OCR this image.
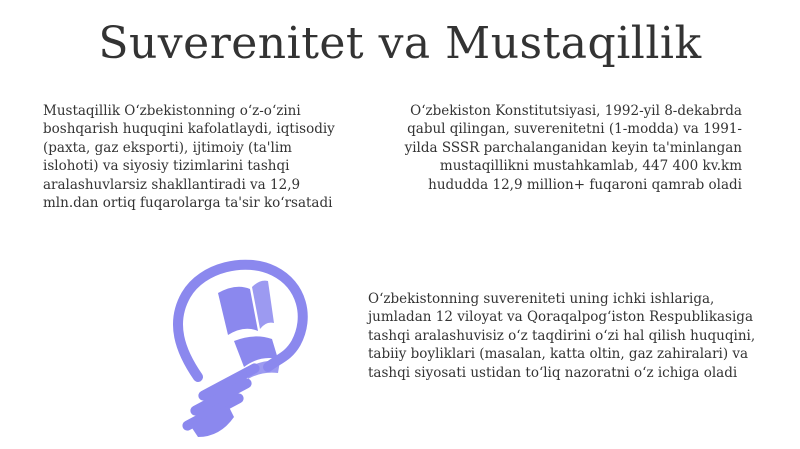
Suverenitet va Mustaqillik

Mustaqillik O‘zbekistonning o‘z-o‘zini boshqarish huquqini kafolatlaydi, iqtisodiy (paxta, gaz eksporti), ijtimoiy (ta'lim islohoti) va siyosiy tizimlarini tashqi aralashuvlarsiz shakllantiradi va 12,9 mln.dan ortiq fuqarolarga ta'sir ko‘rsatadi

O‘zbekiston Konstitutsiyasi, 1992-yil 8-dekabrda qabul qilingan, suverenitetni (1-modda) va 1991-yilda SSSR parchalanganidan keyin ta'minlangan mustaqillikni mustahkamlab, 447 400 kv.km hududda 12,9 million+ fuqaroni qamrab oladi

O‘zbekistonning suvereniteti uning ichki ishlariga, jumladan 12 viloyat va Qoraqalpog‘iston Respublikasiga tashqi aralashuvisiz o‘z taqdirini o‘zi hal qilish huquqini, tabiiy boyliklari (masalan, katta oltin, gaz zahiralari) va tashqi siyosati ustidan to‘liq nazoratni o‘z ichiga oladi
